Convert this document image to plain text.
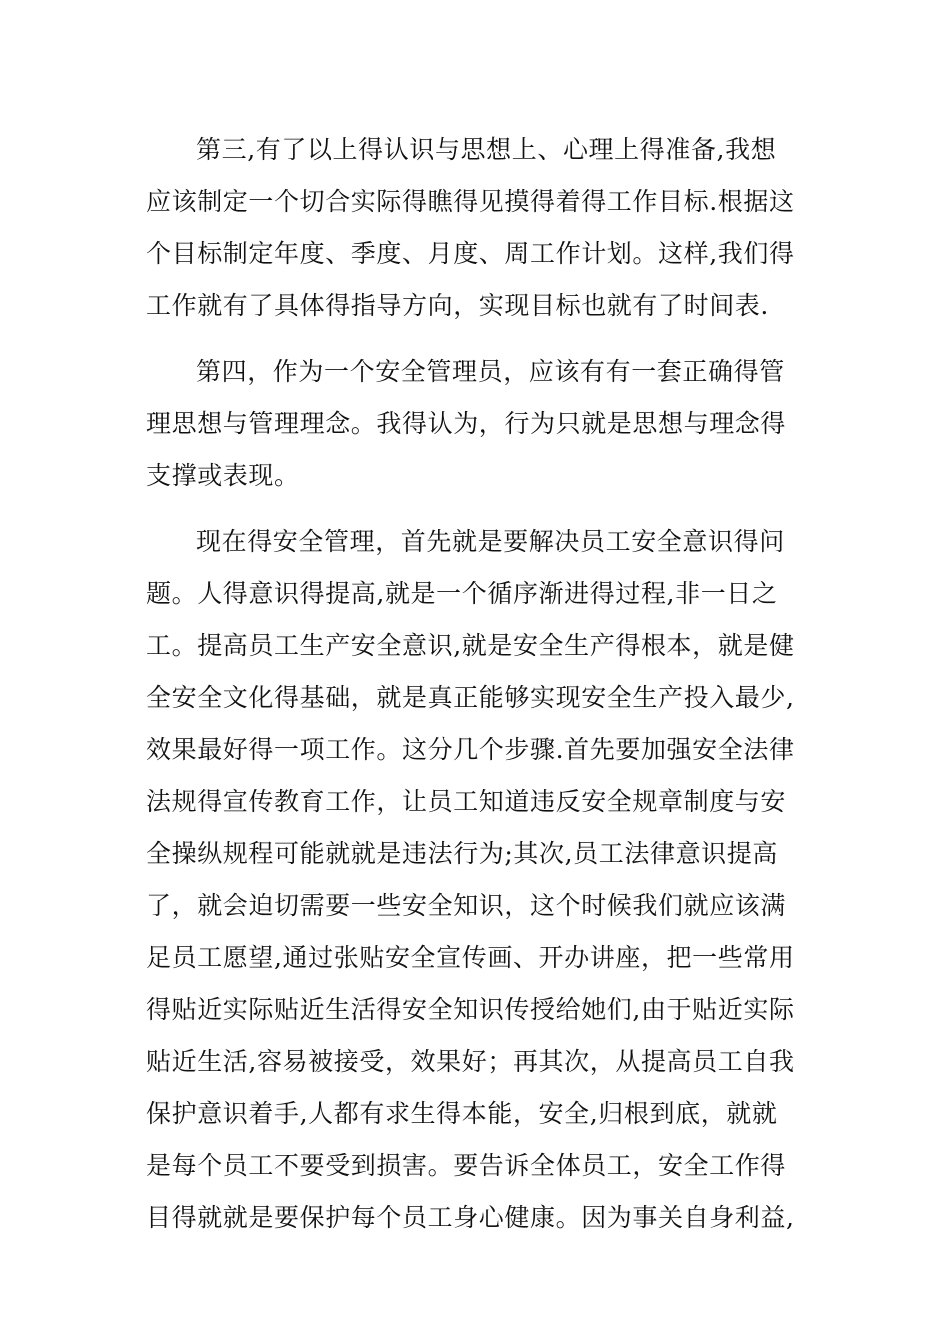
第三,有了以上得认识与思想上、心理上得准备,我想
应该制定一个切合实际得瞧得见摸得着得工作目标.根据这
个目标制定年度、季度、月度、周工作计划。这样,我们得
工作就有了具体得指导方向，实现目标也就有了时间表.
第四，作为一个安全管理员，应该有有一套正确得管
理思想与管理理念。我得认为，行为只就是思想与理念得
支撑或表现。
现在得安全管理，首先就是要解决员工安全意识得问
题。人得意识得提高,就是一个循序渐进得过程,非一日之
工。提高员工生产安全意识,就是安全生产得根本，就是健
全安全文化得基础，就是真正能够实现安全生产投入最少,
效果最好得一项工作。这分几个步骤.首先要加强安全法律
法规得宣传教育工作，让员工知道违反安全规章制度与安
全操纵规程可能就就是违法行为;其次,员工法律意识提高
了，就会迫切需要一些安全知识，这个时候我们就应该满
足员工愿望,通过张贴安全宣传画、开办讲座，把一些常用
得贴近实际贴近生活得安全知识传授给她们,由于贴近实际
贴近生活,容易被接受，效果好；再其次，从提高员工自我
保护意识着手,人都有求生得本能，安全,归根到底，就就
是每个员工不要受到损害。要告诉全体员工，安全工作得
目得就就是要保护每个员工身心健康。因为事关自身利益,
